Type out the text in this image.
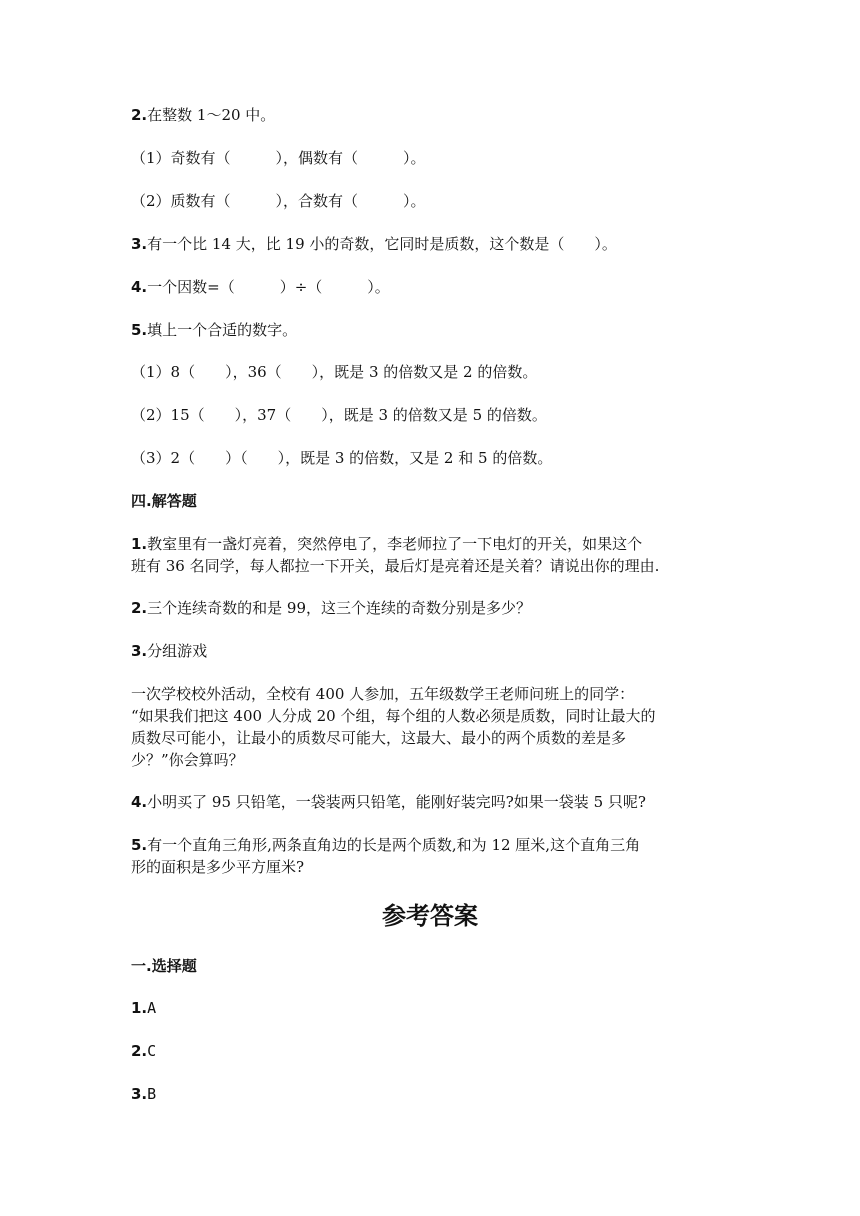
2.在整数 1～20 中。
（1）奇数有（　　　），偶数有（　　　）。
（2）质数有（　　　），合数有（　　　）。
3.有一个比 14 大，比 19 小的奇数，它同时是质数，这个数是（　　）。
4.一个因数=（　　　）÷（　　　）。
5.填上一个合适的数字。
（1）8（　　），36（　　），既是 3 的倍数又是 2 的倍数。
（2）15（　　），37（　　），既是 3 的倍数又是 5 的倍数。
（3）2（　　）（　　），既是 3 的倍数，又是 2 和 5 的倍数。
四.解答题
1.教室里有一盏灯亮着，突然停电了，李老师拉了一下电灯的开关，如果这个
班有 36 名同学，每人都拉一下开关，最后灯是亮着还是关着？请说出你的理由.
2.三个连续奇数的和是 99，这三个连续的奇数分别是多少？
3.分组游戏
一次学校校外活动，全校有 400 人参加，五年级数学王老师问班上的同学：
“如果我们把这 400 人分成 20 个组，每个组的人数必须是质数，同时让最大的
质数尽可能小，让最小的质数尽可能大，这最大、最小的两个质数的差是多
少？”你会算吗？
4.小明买了 95 只铅笔，一袋装两只铅笔，能刚好装完吗?如果一袋装 5 只呢?
5.有一个直角三角形,两条直角边的长是两个质数,和为 12 厘米,这个直角三角
形的面积是多少平方厘米?
参考答案
一.选择题
1.A
2.C
3.B
